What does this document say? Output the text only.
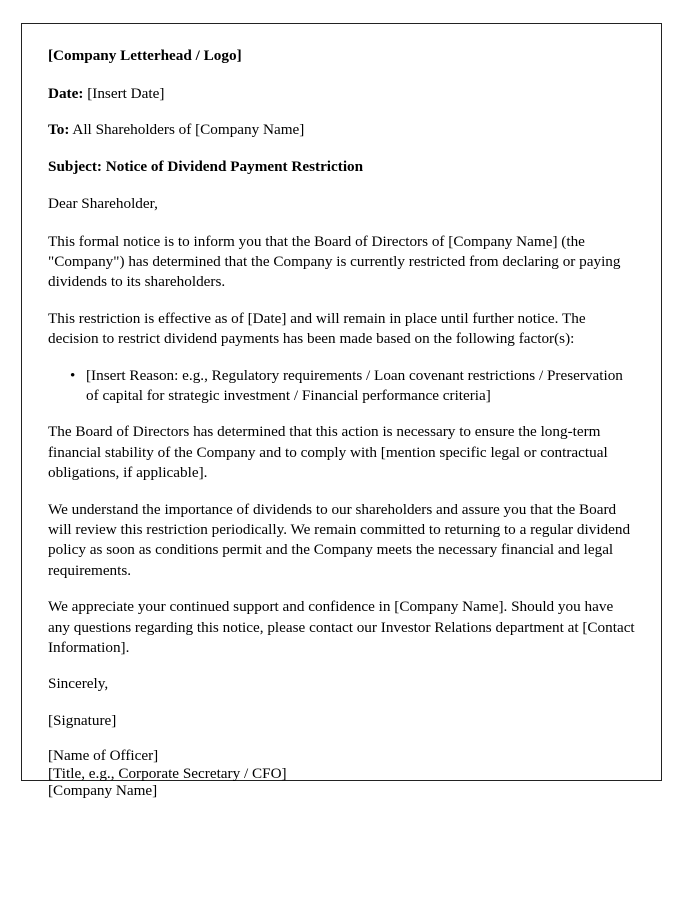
[Company Letterhead / Logo]

Date: [Insert Date]

To: All Shareholders of [Company Name]

Subject: Notice of Dividend Payment Restriction

Dear Shareholder,

This formal notice is to inform you that the Board of Directors of [Company Name] (the "Company") has determined that the Company is currently restricted from declaring or paying dividends to its shareholders.

This restriction is effective as of [Date] and will remain in place until further notice. The decision to restrict dividend payments has been made based on the following factor(s):

• [Insert Reason: e.g., Regulatory requirements / Loan covenant restrictions / Preservation of capital for strategic investment / Financial performance criteria]

The Board of Directors has determined that this action is necessary to ensure the long-term financial stability of the Company and to comply with [mention specific legal or contractual obligations, if applicable].

We understand the importance of dividends to our shareholders and assure you that the Board will review this restriction periodically. We remain committed to returning to a regular dividend policy as soon as conditions permit and the Company meets the necessary financial and legal requirements.

We appreciate your continued support and confidence in [Company Name]. Should you have any questions regarding this notice, please contact our Investor Relations department at [Contact Information].

Sincerely,

[Signature]

[Name of Officer]
[Title, e.g., Corporate Secretary / CFO]
[Company Name]
